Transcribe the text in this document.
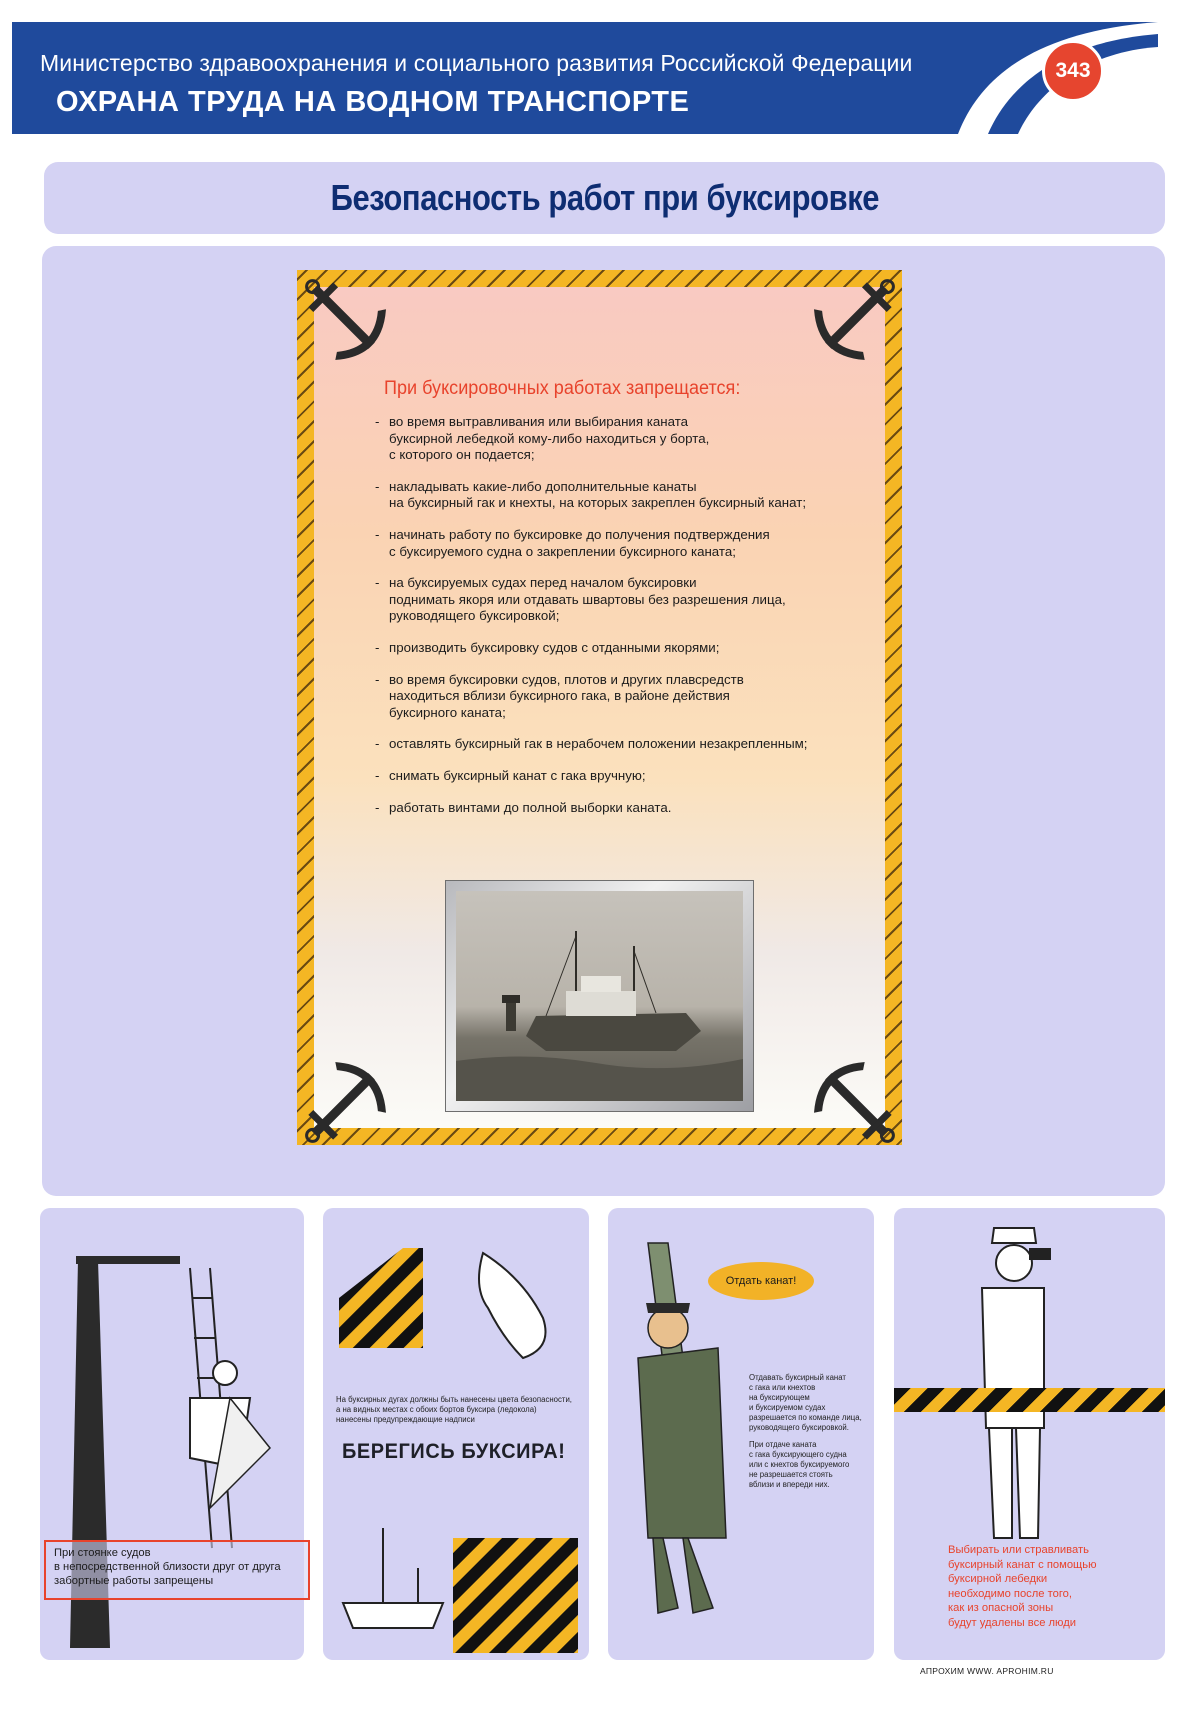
Министерство здравоохранения и социального развития Российской Федерации
ОХРАНА ТРУДА НА ВОДНОМ ТРАНСПОРТЕ
343
Безопасность работ при буксировке
При буксировочных работах запрещается:
- во время вытравливания или выбирания каната
буксирной лебедкой кому-либо находиться у борта,
с которого он подается;
- накладывать какие-либо дополнительные канаты
на буксирный гак и кнехты, на которых закреплен буксирный канат;
- начинать работу по буксировке до получения подтверждения
с буксируемого судна о закреплении буксирного каната;
- на буксируемых судах перед началом буксировки
поднимать якоря или отдавать швартовы без разрешения лица,
руководящего буксировкой;
- производить буксировку судов с отданными якорями;
- во время буксировки судов, плотов и других плавсредств
находиться вблизи буксирного гака, в районе действия
буксирного каната;
- оставлять буксирный гак в нерабочем положении незакрепленным;
- снимать буксирный канат с гака вручную;
- работать винтами до полной выборки каната.
При стоянке судов
в непосредственной близости друг от друга
забортные работы запрещены
На буксирных дугах должны быть нанесены цвета безопасности,
а на видных местах с обоих бортов буксира (ледокола)
нанесены предупреждающие надписи
БЕРЕГИСЬ БУКСИРА!
Отдать канат!
Отдавать буксирный канат
с гака или кнехтов
на буксирующем
и буксируемом судах
разрешается по команде лица,
руководящего буксировкой.
При отдаче каната
с гака буксирующего судна
или с кнехтов буксируемого
не разрешается стоять
вблизи и впереди них.
Выбирать или стравливать
буксирный канат с помощью
буксирной лебедки
необходимо после того,
как из опасной зоны
будут удалены все люди
АПРОХИМ WWW. APROHIM.RU
